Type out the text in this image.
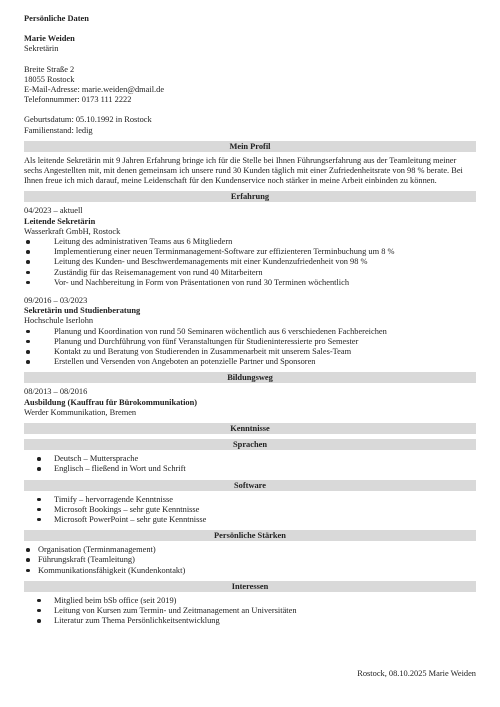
Persönliche Daten
Marie Weiden
Sekretärin
Breite Straße 2
18055 Rostock
E-Mail-Adresse: marie.weiden@dmail.de
Telefonnummer: 0173 111 2222
Geburtsdatum: 05.10.1992 in Rostock
Familienstand: ledig
Mein Profil
Als leitende Sekretärin mit 9 Jahren Erfahrung bringe ich für die Stelle bei Ihnen Führungserfahrung aus der Teamleitung meiner sechs Angestellten mit, mit denen gemeinsam ich unsere rund 30 Kunden täglich mit einer Zufriedenheitsrate von 98 % berate. Bei Ihnen freue ich mich darauf, meine Leidenschaft für den Kundenservice noch stärker in meine Arbeit einbinden zu können.
Erfahrung
04/2023 – aktuell
Leitende Sekretärin
Wasserkraft GmbH, Rostock
Leitung des administrativen Teams aus 6 Mitgliedern
Implementierung einer neuen Terminmanagement-Software zur effizienteren Terminbuchung um 8 %
Leitung des Kunden- und Beschwerdemanagements mit einer Kundenzufriedenheit von 98 %
Zuständig für das Reisemanagement von rund 40 Mitarbeitern
Vor- und Nachbereitung in Form von Präsentationen von rund 30 Terminen wöchentlich
09/2016 – 03/2023
Sekretärin und Studienberatung
Hochschule Iserlohn
Planung und Koordination von rund 50 Seminaren wöchentlich aus 6 verschiedenen Fachbereichen
Planung und Durchführung von fünf Veranstaltungen für Studieninteressierte pro Semester
Kontakt zu und Beratung von Studierenden in Zusammenarbeit mit unserem Sales-Team
Erstellen und Versenden von Angeboten an potenzielle Partner und Sponsoren
Bildungsweg
08/2013 – 08/2016
Ausbildung (Kauffrau für Bürokommunikation)
Werder Kommunikation, Bremen
Kenntnisse
Sprachen
Deutsch – Muttersprache
Englisch – fließend in Wort und Schrift
Software
Timify – hervorragende Kenntnisse
Microsoft Bookings – sehr gute Kenntnisse
Microsoft PowerPoint – sehr gute Kenntnisse
Persönliche Stärken
Organisation (Terminmanagement)
Führungskraft (Teamleitung)
Kommunikationsfähigkeit (Kundenkontakt)
Interessen
Mitglied beim bSb office (seit 2019)
Leitung von Kursen zum Termin- und Zeitmanagement an Universitäten
Literatur zum Thema Persönlichkeitsentwicklung
Rostock, 08.10.2025 Marie Weiden
